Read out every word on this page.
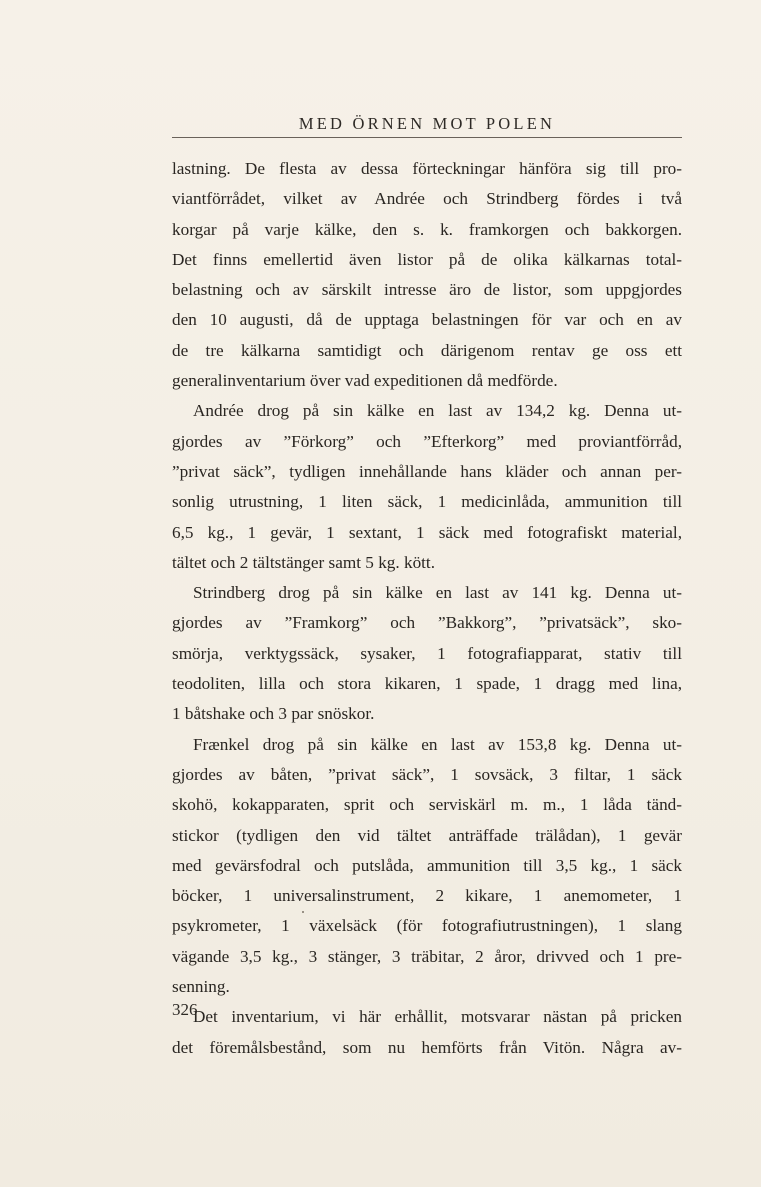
MED ÖRNEN MOT POLEN

lastning. De flesta av dessa förteckningar hänföra sig till pro-
viantförrådet, vilket av Andrée och Strindberg fördes i två
korgar på varje kälke, den s. k. framkorgen och bakkorgen.
Det finns emellertid även listor på de olika kälkarnas total-
belastning och av särskilt intresse äro de listor, som uppgjordes
den 10 augusti, då de upptaga belastningen för var och en av
de tre kälkarna samtidigt och därigenom rentav ge oss ett
generalinventarium över vad expeditionen då medförde.

Andrée drog på sin kälke en last av 134,2 kg. Denna ut-
gjordes av ”Förkorg” och ”Efterkorg” med proviantförråd,
”privat säck”, tydligen innehållande hans kläder och annan per-
sonlig utrustning, 1 liten säck, 1 medicinlåda, ammunition till
6,5 kg., 1 gevär, 1 sextant, 1 säck med fotografiskt material,
tältet och 2 tältstänger samt 5 kg. kött.

Strindberg drog på sin kälke en last av 141 kg. Denna ut-
gjordes av ”Framkorg” och ”Bakkorg”, ”privatsäck”, sko-
smörja, verktygssäck, sysaker, 1 fotografiapparat, stativ till
teodoliten, lilla och stora kikaren, 1 spade, 1 dragg med lina,
1 båtshake och 3 par snöskor.

Frænkel drog på sin kälke en last av 153,8 kg. Denna ut-
gjordes av båten, ”privat säck”, 1 sovsäck, 3 filtar, 1 säck
skohö, kokapparaten, sprit och serviskärl m. m., 1 låda tänd-
stickor (tydligen den vid tältet anträffade trälådan), 1 gevär
med gevärsfodral och putslåda, ammunition till 3,5 kg., 1 säck
böcker, 1 universalinstrument, 2 kikare, 1 anemometer, 1
psykrometer, 1 växelsäck (för fotografiutrustningen), 1 slang
vägande 3,5 kg., 3 stänger, 3 träbitar, 2 åror, drivved och 1 pre-
senning.

Det inventarium, vi här erhållit, motsvarar nästan på pricken
det föremålsbestånd, som nu hemförts från Vitön. Några av-

326
